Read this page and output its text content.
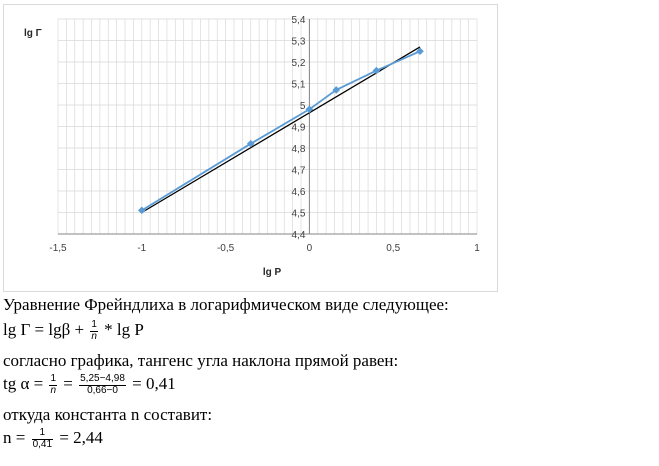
-1,5	-1	-0,5	0	0,5	1
4,4
4,5
4,6
4,7
4,8
4,9
5
5,1
5,2
5,3
5,4
lg Γ
lg P
Уравнение Фрейндлиха в логарифмическом виде следующее:
$\lg \Gamma = \lg\beta + \frac{1}{n} * \lg P$
согласно графика, тангенс угла наклона прямой равен:
tg $\alpha = \frac{1}{n} = \frac{5,25-4,98}{0,66-0} = 0,41$
откуда константа n составит:
$n = \frac{1}{0,41} = 2,44$
